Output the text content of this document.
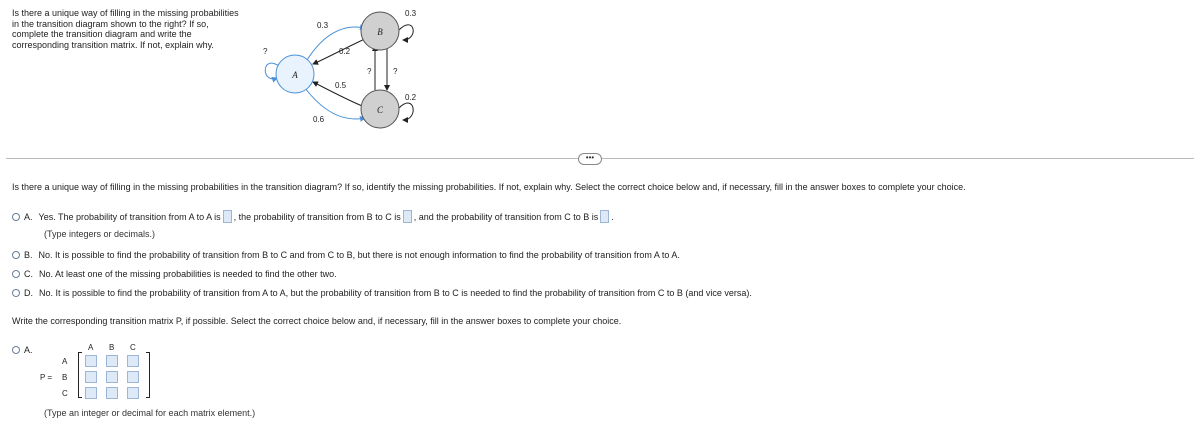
Is there a unique way of filling in the missing probabilities in the transition diagram shown to the right? If so, complete the transition diagram and write the corresponding transition matrix. If not, explain why.

?
0.3
0.2
0.5
0.6
?	?
0.3
0.2
A
B
C
•••
Is there a unique way of filling in the missing probabilities in the transition diagram? If so, identify the missing probabilities. If not, explain why. Select the correct choice below and, if necessary, fill in the answer boxes to complete your choice.
A. Yes. The probability of transition from A to A is , the probability of transition from B to C is , and the probability of transition from C to B is .
(Type integers or decimals.)
B. No. It is possible to find the probability of transition from B to C and from C to B, but there is not enough information to find the probability of transition from A to A.
C. No. At least one of the missing probabilities is needed to find the other two.
D. No. It is possible to find the probability of transition from A to A, but the probability of transition from B to C is needed to find the probability of transition from C to B (and vice versa).
Write the corresponding transition matrix P, if possible. Select the correct choice below and, if necessary, fill in the answer boxes to complete your choice.
A.	A B C
A
P = B
C
(Type an integer or decimal for each matrix element.)
